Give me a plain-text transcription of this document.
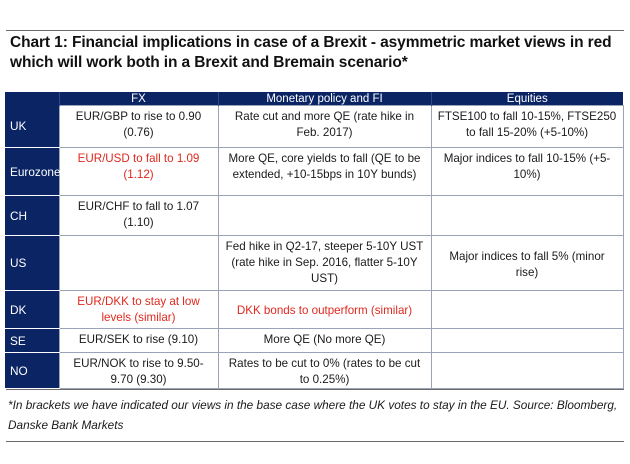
Chart 1: Financial implications in case of a Brexit - asymmetric market views in red which will work both in a Brexit and Bremain scenario*
	FX	Monetary policy and FI	Equities
UK	EUR/GBP to rise to 0.90 (0.76)	Rate cut and more QE (rate hike in Feb. 2017)	FTSE100 to fall 10-15%, FTSE250 to fall 15-20% (+5-10%)
Eurozone	EUR/USD to fall to 1.09 (1.12)	More QE, core yields to fall (QE to be extended, +10-15bps in 10Y bunds)	Major indices to fall 10-15% (+5-10%)
CH	EUR/CHF to fall to 1.07 (1.10)		
US		Fed hike in Q2-17, steeper 5-10Y UST (rate hike in Sep. 2016, flatter 5-10Y UST)	Major indices to fall 5% (minor rise)
DK	EUR/DKK to stay at low levels (similar)	DKK bonds to outperform (similar)	
SE	EUR/SEK to rise (9.10)	More QE (No more QE)	
NO	EUR/NOK to rise to 9.50-9.70 (9.30)	Rates to be cut to 0% (rates to be cut to 0.25%)	
*In brackets we have indicated our views in the base case where the UK votes to stay in the EU. Source: Bloomberg, Danske Bank Markets
